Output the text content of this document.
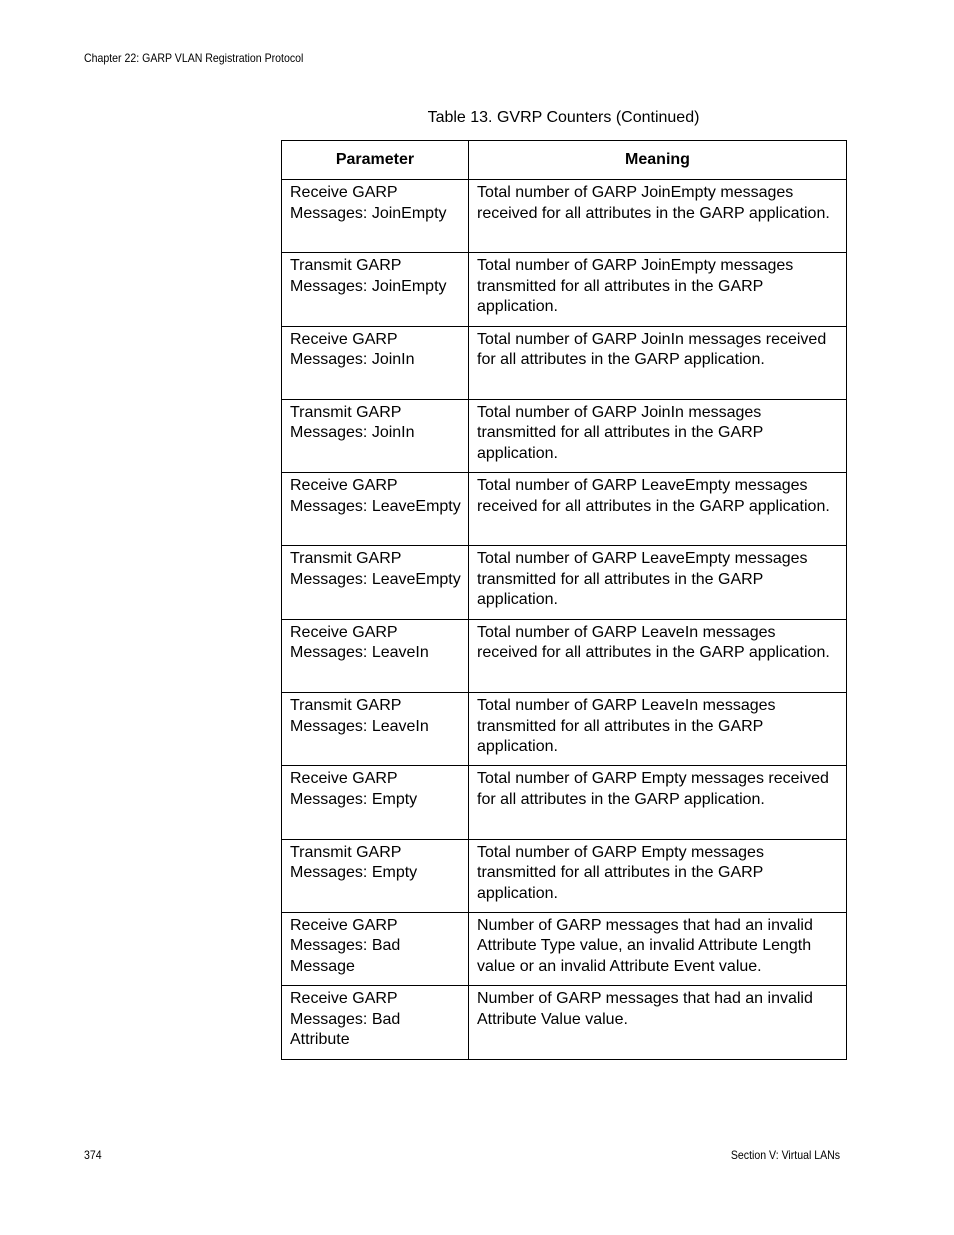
Chapter 22: GARP VLAN Registration Protocol
Table 13. GVRP Counters (Continued)
Parameter	Meaning
Receive GARP Messages: JoinEmpty	Total number of GARP JoinEmpty messages received for all attributes in the GARP application.
Transmit GARP Messages: JoinEmpty	Total number of GARP JoinEmpty messages transmitted for all attributes in the GARP application.
Receive GARP Messages: JoinIn	Total number of GARP JoinIn messages received for all attributes in the GARP application.
Transmit GARP Messages: JoinIn	Total number of GARP JoinIn messages transmitted for all attributes in the GARP application.
Receive GARP Messages: LeaveEmpty	Total number of GARP LeaveEmpty messages received for all attributes in the GARP application.
Transmit GARP Messages: LeaveEmpty	Total number of GARP LeaveEmpty messages transmitted for all attributes in the GARP application.
Receive GARP Messages: LeaveIn	Total number of GARP LeaveIn messages received for all attributes in the GARP application.
Transmit GARP Messages: LeaveIn	Total number of GARP LeaveIn messages transmitted for all attributes in the GARP application.
Receive GARP Messages: Empty	Total number of GARP Empty messages received for all attributes in the GARP application.
Transmit GARP Messages: Empty	Total number of GARP Empty messages transmitted for all attributes in the GARP application.
Receive GARP Messages: Bad Message	Number of GARP messages that had an invalid Attribute Type value, an invalid Attribute Length value or an invalid Attribute Event value.
Receive GARP Messages: Bad Attribute	Number of GARP messages that had an invalid Attribute Value value.
374	Section V: Virtual LANs
